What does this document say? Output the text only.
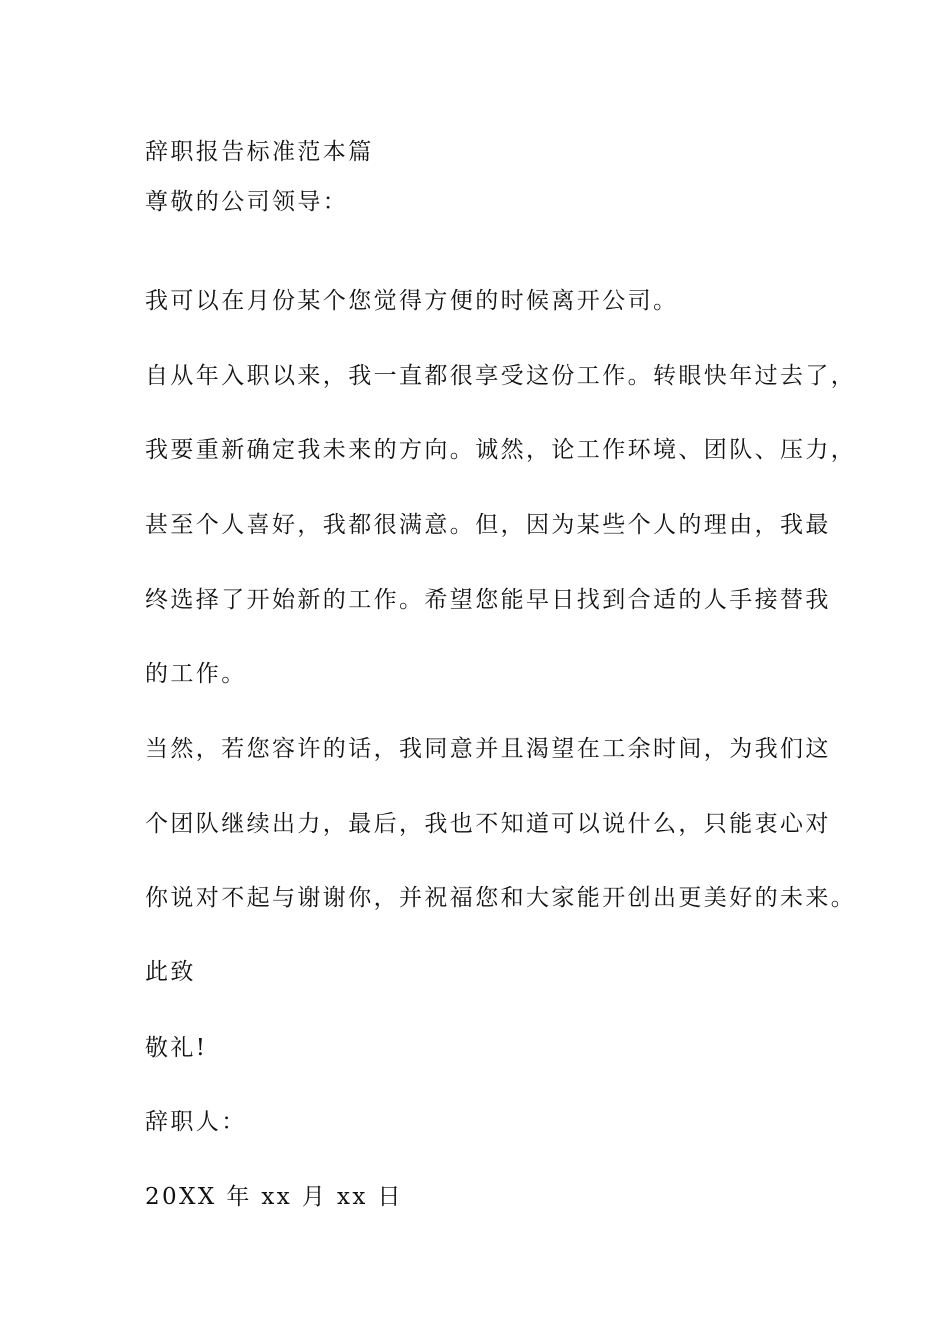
辞职报告标准范本篇
尊敬的公司领导：
我可以在月份某个您觉得方便的时候离开公司。
自从年入职以来，我一直都很享受这份工作。转眼快年过去了，
我要重新确定我未来的方向。诚然，论工作环境、团队、压力，
甚至个人喜好，我都很满意。但，因为某些个人的理由，我最
终选择了开始新的工作。希望您能早日找到合适的人手接替我
的工作。
当然，若您容许的话，我同意并且渴望在工余时间，为我们这
个团队继续出力，最后，我也不知道可以说什么，只能衷心对
你说对不起与谢谢你，并祝福您和大家能开创出更美好的未来。
此致
敬礼!
辞职人：
20XX 年 xx 月 xx 日
